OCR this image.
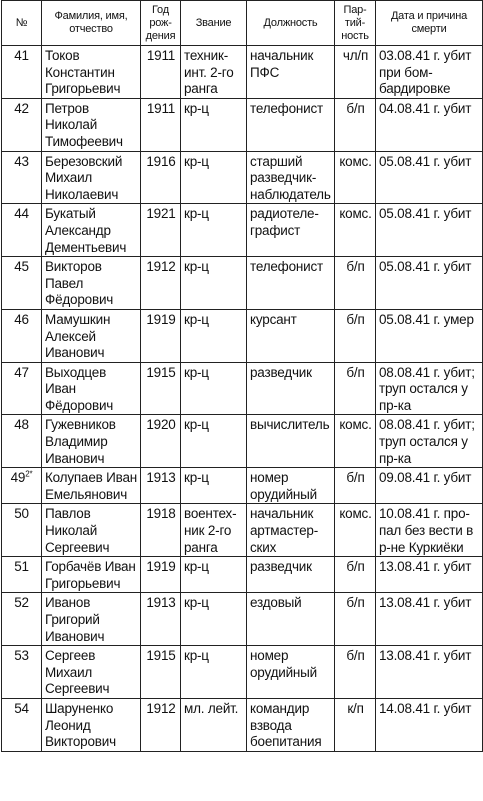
№	Фамилия, имя, отчество	Год рож-дения	Звание	Должность	Пар-тий-ность	Дата и причина смерти
41	Токов Константин Григорьевич	1911	техник-инт. 2-го ранга	начальник ПФС	чл/п	03.08.41 г. убит при бом-бардировке
42	Петров Николай Тимофеевич	1911	кр-ц	телефонист	б/п	04.08.41 г. убит
43	Березовский Михаил Николаевич	1916	кр-ц	старший разведчик-наблюдатель	комс.	05.08.41 г. убит
44	Букатый Александр Дементьевич	1921	кр-ц	радиотеле-графист	комс.	05.08.41 г. убит
45	Викторов Павел Фёдорович	1912	кр-ц	телефонист	б/п	05.08.41 г. убит
46	Мамушкин Алексей Иванович	1919	кр-ц	курсант	б/п	05.08.41 г. умер
47	Выходцев Иван Фёдорович	1915	кр-ц	разведчик	б/п	08.08.41 г. убит; труп остался у пр-ка
48	Гужевников Владимир Иванович	1920	кр-ц	вычислитель	комс.	08.08.41 г. убит; труп остался у пр-ка
$49^{2*}$	Колупаев Иван Емельянович	1913	кр-ц	номер орудийный	б/п	09.08.41 г. убит
50	Павлов Николай Сергеевич	1918	воентех-ник 2-го ранга	начальник артмастер-ских	комс.	10.08.41 г. про-пал без вести в р-не Куркиёки
51	Горбачёв Иван Григорьевич	1919	кр-ц	разведчик	б/п	13.08.41 г. убит
52	Иванов Григорий Иванович	1913	кр-ц	ездовый	б/п	13.08.41 г. убит
53	Сергеев Михаил Сергеевич	1915	кр-ц	номер орудийный	б/п	13.08.41 г. убит
54	Шаруненко Леонид Викторович	1912	мл. лейт.	командир взвода боепитания	к/п	14.08.41 г. убит
